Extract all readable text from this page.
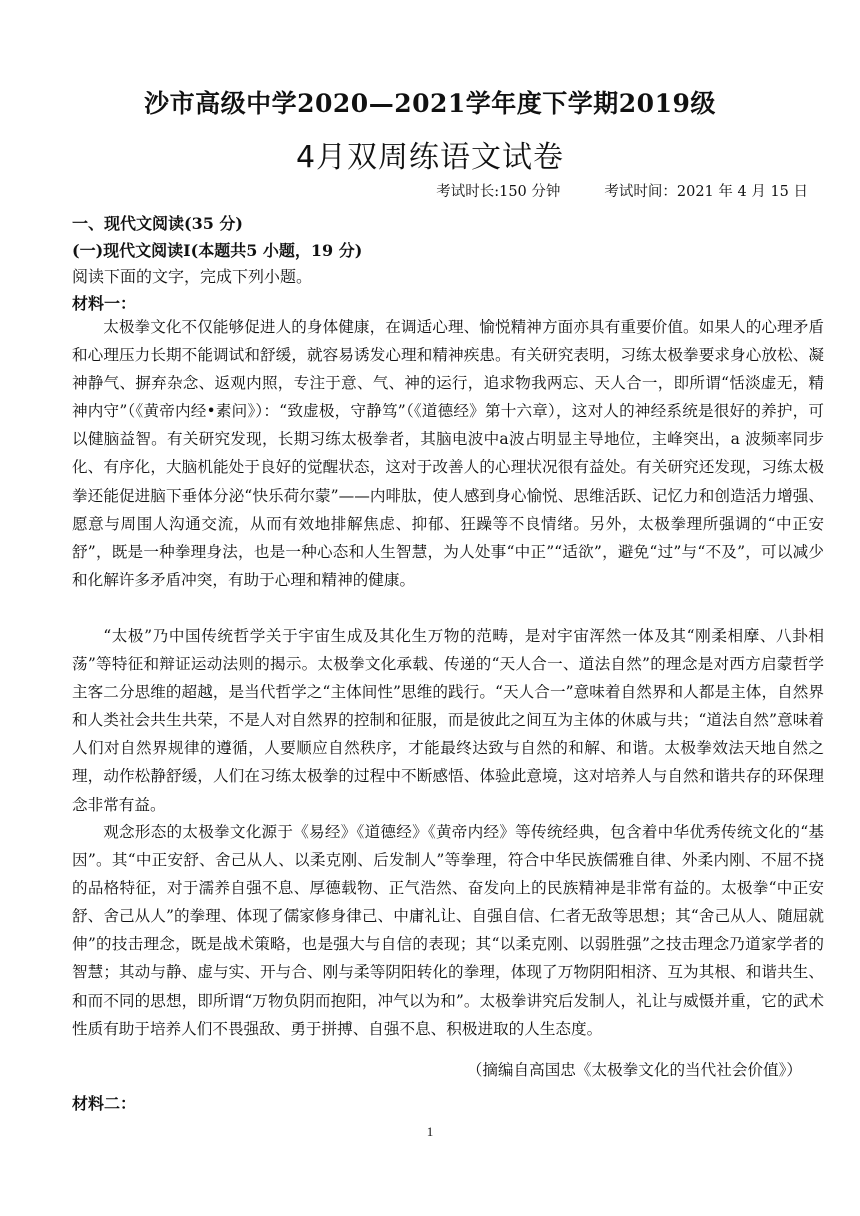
沙市高级中学2020—2021学年度下学期2019级
4月双周练语文试卷
考试时长:150 分钟	考试时间：2021 年 4 月 15 日
一、现代文阅读(35 分)
(一)现代文阅读I(本题共5 小题，19 分)
阅读下面的文字，完成下列小题。
材料一：

太极拳文化不仅能够促进人的身体健康，在调适心理、愉悦精神方面亦具有重要价值。如果人的心理矛盾和心理压力长期不能调试和舒缓，就容易诱发心理和精神疾患。有关研究表明，习练太极拳要求身心放松、凝神静气、摒弃杂念、返观内照，专注于意、气、神的运行，追求物我两忘、天人合一，即所谓“恬淡虚无，精神内守”（《黄帝内经•素问》）：“致虚极，守静笃”（《道德经》第十六章），这对人的神经系统是很好的养护，可以健脑益智。有关研究发现，长期习练太极拳者，其脑电波中a波占明显主导地位，主峰突出，a 波频率同步化、有序化，大脑机能处于良好的觉醒状态，这对于改善人的心理状况很有益处。有关研究还发现，习练太极拳还能促进脑下垂体分泌“快乐荷尔蒙”——内啡肽，使人感到身心愉悦、思维活跃、记忆力和创造活力增强、愿意与周围人沟通交流，从而有效地排解焦虑、抑郁、狂躁等不良情绪。另外，太极拳理所强调的“中正安舒”，既是一种拳理身法，也是一种心态和人生智慧，为人处事“中正”“适欲”，避免“过”与“不及”，可以减少和化解许多矛盾冲突，有助于心理和精神的健康。

“太极”乃中国传统哲学关于宇宙生成及其化生万物的范畴，是对宇宙浑然一体及其“刚柔相摩、八卦相荡”等特征和辩证运动法则的揭示。太极拳文化承载、传递的“天人合一、道法自然”的理念是对西方启蒙哲学主客二分思维的超越，是当代哲学之“主体间性”思维的践行。“天人合一”意味着自然界和人都是主体，自然界和人类社会共生共荣，不是人对自然界的控制和征服，而是彼此之间互为主体的休戚与共；“道法自然”意味着人们对自然界规律的遵循，人要顺应自然秩序，才能最终达致与自然的和解、和谐。太极拳效法天地自然之理，动作松静舒缓，人们在习练太极拳的过程中不断感悟、体验此意境，这对培养人与自然和谐共存的环保理念非常有益。

观念形态的太极拳文化源于《易经》《道德经》《黄帝内经》等传统经典，包含着中华优秀传统文化的“基因”。其“中正安舒、舍己从人、以柔克刚、后发制人”等拳理，符合中华民族儒雅自律、外柔内刚、不屈不挠的品格特征，对于濡养自强不息、厚德载物、正气浩然、奋发向上的民族精神是非常有益的。太极拳“中正安舒、舍己从人”的拳理、体现了儒家修身律己、中庸礼让、自强自信、仁者无敌等思想；其“舍己从人、随屈就伸”的技击理念，既是战术策略，也是强大与自信的表现；其“以柔克刚、以弱胜强”之技击理念乃道家学者的智慧；其动与静、虚与实、开与合、刚与柔等阴阳转化的拳理，体现了万物阴阳相济、互为其根、和谐共生、和而不同的思想，即所谓“万物负阴而抱阳，冲气以为和”。太极拳讲究后发制人，礼让与威慑并重，它的武术性质有助于培养人们不畏强敌、勇于拼搏、自强不息、积极进取的人生态度。

（摘编自高国忠《太极拳文化的当代社会价值》）
材料二：
1
